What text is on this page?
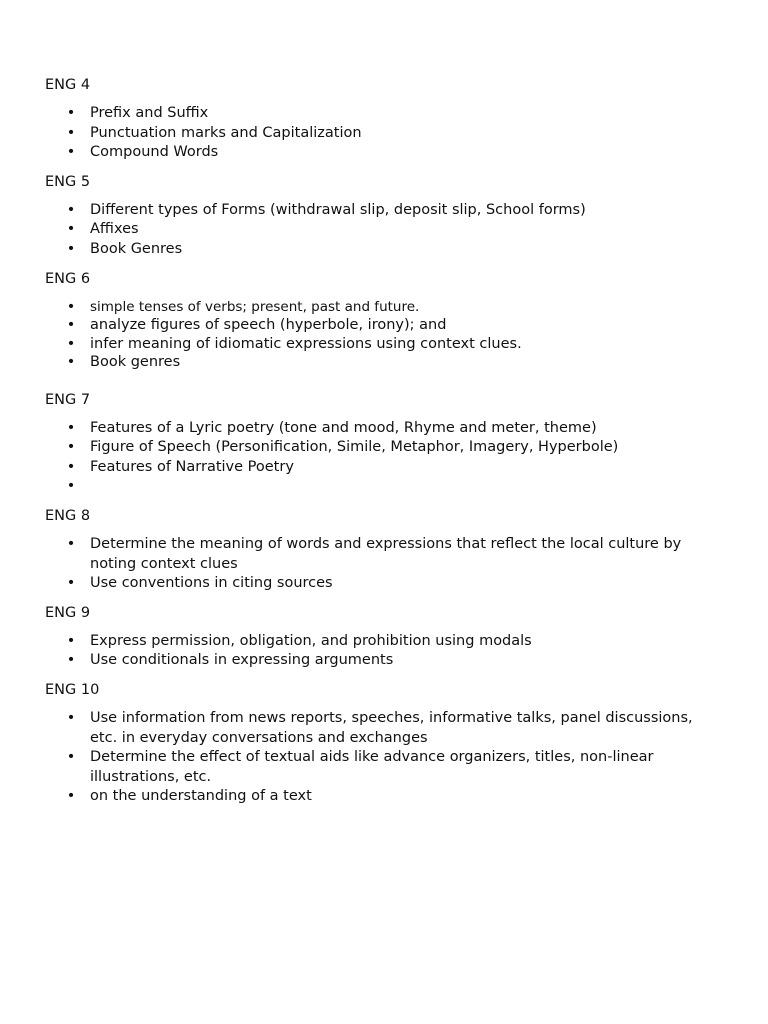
ENG 4
• Prefix and Suffix
• Punctuation marks and Capitalization
• Compound Words
ENG 5
• Different types of Forms (withdrawal slip, deposit slip, School forms)
• Affixes
• Book Genres
ENG 6
• simple tenses of verbs; present, past and future.
• analyze figures of speech (hyperbole, irony); and
• infer meaning of idiomatic expressions using context clues.
• Book genres
ENG 7
• Features of a Lyric poetry (tone and mood, Rhyme and meter, theme)
• Figure of Speech (Personification, Simile, Metaphor, Imagery, Hyperbole)
• Features of Narrative Poetry
•
ENG 8
• Determine the meaning of words and expressions that reflect the local culture by noting context clues
• Use conventions in citing sources
ENG 9
• Express permission, obligation, and prohibition using modals
• Use conditionals in expressing arguments
ENG 10
• Use information from news reports, speeches, informative talks, panel discussions, etc. in everyday conversations and exchanges
• Determine the effect of textual aids like advance organizers, titles, non-linear illustrations, etc.
• on the understanding of a text
